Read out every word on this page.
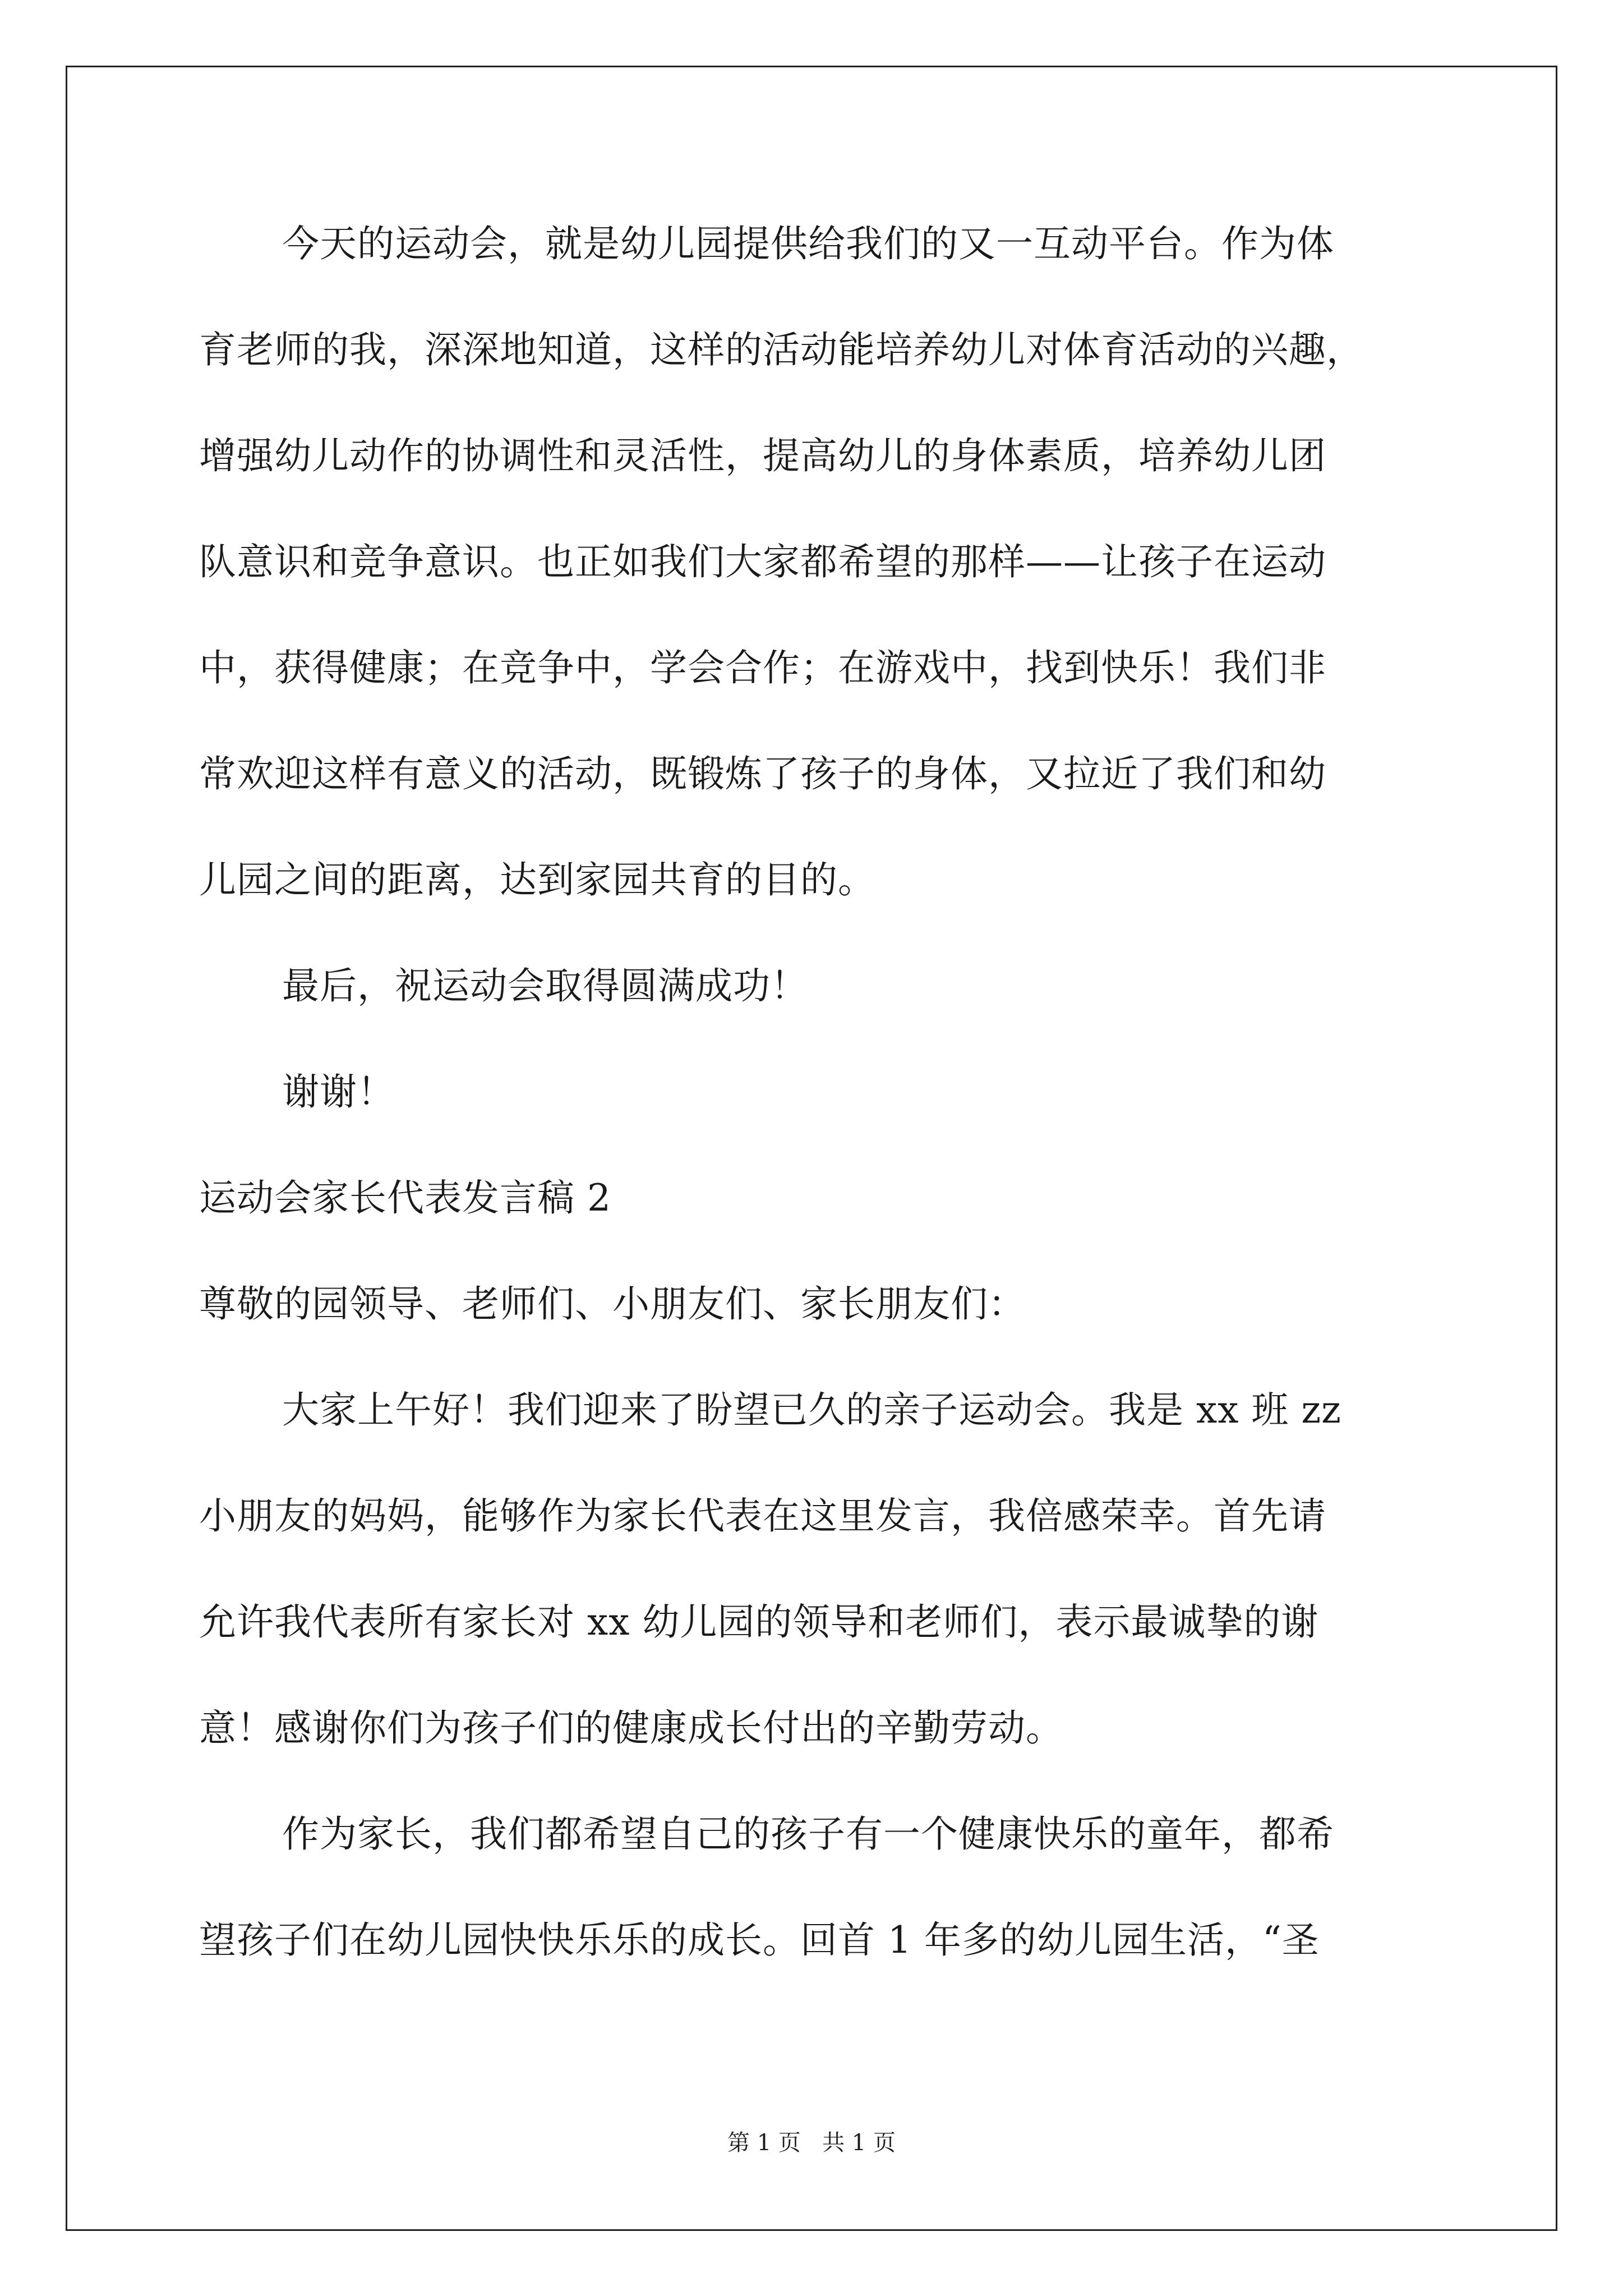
今天的运动会，就是幼儿园提供给我们的又一互动平台。作为体
育老师的我，深深地知道，这样的活动能培养幼儿对体育活动的兴趣，
增强幼儿动作的协调性和灵活性，提高幼儿的身体素质，培养幼儿团
队意识和竞争意识。也正如我们大家都希望的那样——让孩子在运动
中，获得健康；在竞争中，学会合作；在游戏中，找到快乐！我们非
常欢迎这样有意义的活动，既锻炼了孩子的身体，又拉近了我们和幼
儿园之间的距离，达到家园共育的目的。
最后，祝运动会取得圆满成功！
谢谢！
运动会家长代表发言稿 2
尊敬的园领导、老师们、小朋友们、家长朋友们：
大家上午好！我们迎来了盼望已久的亲子运动会。我是 xx 班 zz
小朋友的妈妈，能够作为家长代表在这里发言，我倍感荣幸。首先请
允许我代表所有家长对 xx 幼儿园的领导和老师们，表示最诚挚的谢
意！感谢你们为孩子们的健康成长付出的辛勤劳动。
作为家长，我们都希望自己的孩子有一个健康快乐的童年，都希
望孩子们在幼儿园快快乐乐的成长。回首 1 年多的幼儿园生活，“圣
第 1 页   共 1 页
